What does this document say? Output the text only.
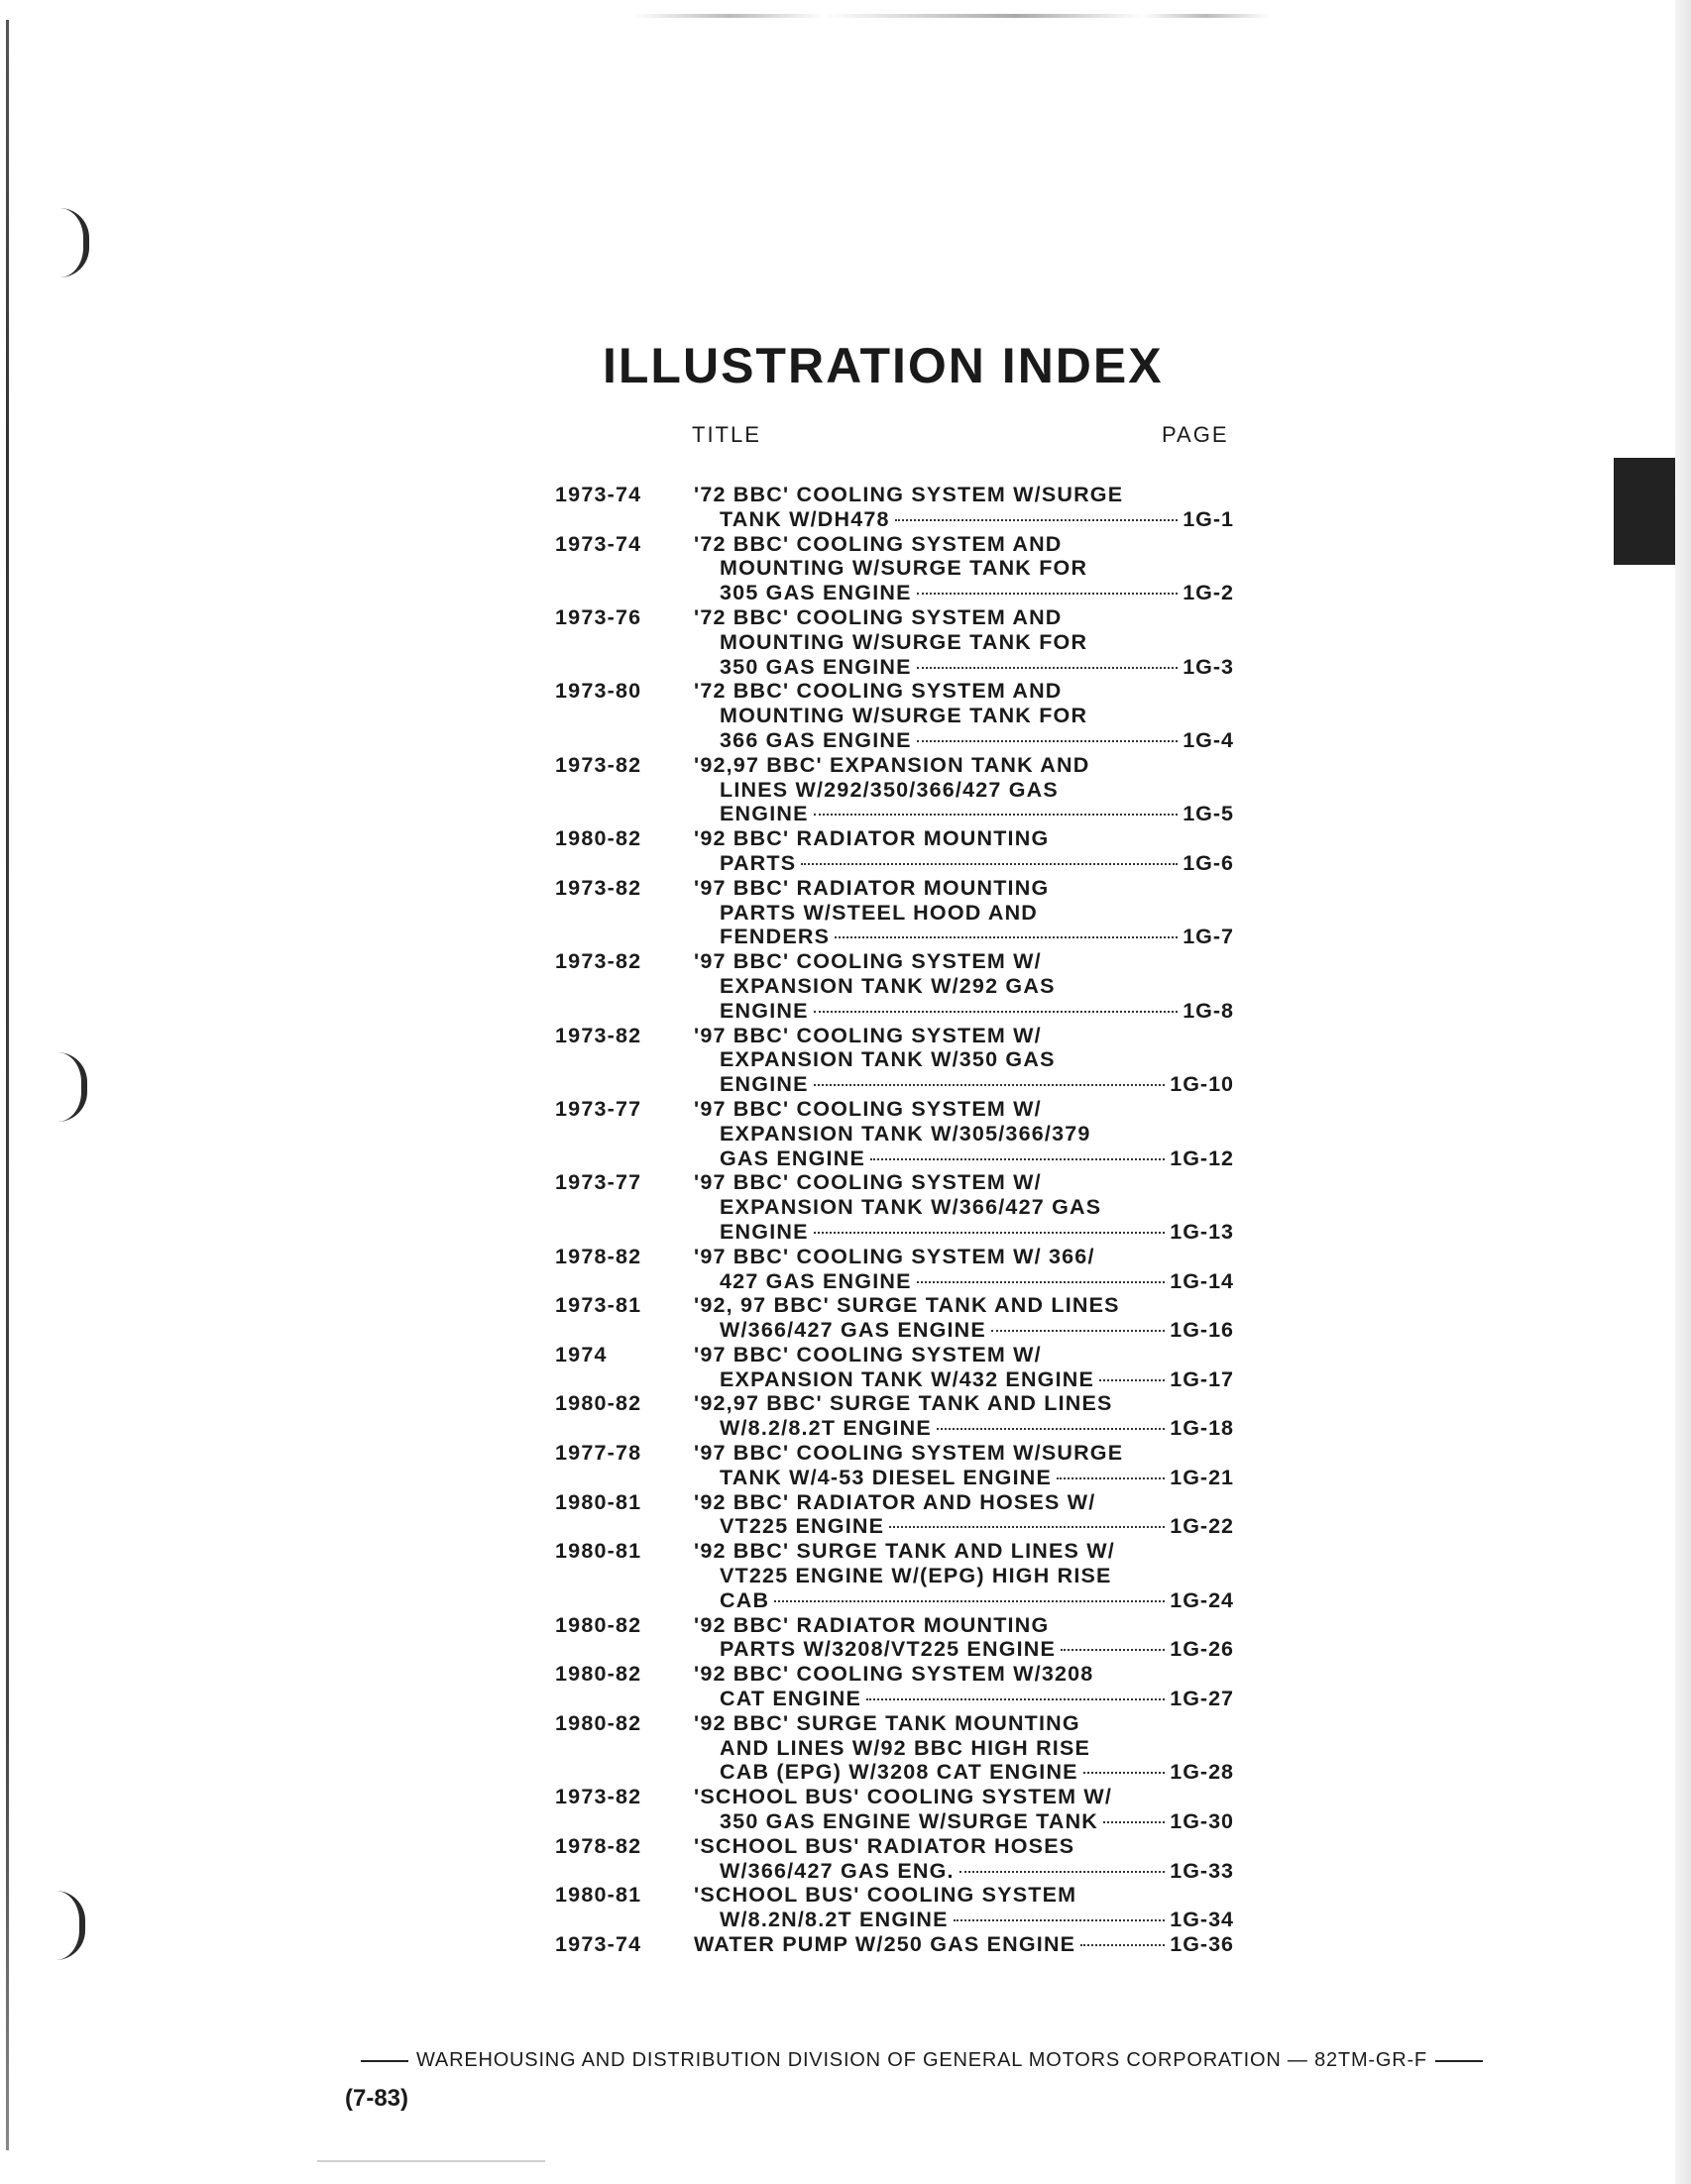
ILLUSTRATION INDEX
TITLE	PAGE
1973-74	'72 BBC' COOLING SYSTEM W/SURGE
TANK W/DH478	1G-1
1973-74	'72 BBC' COOLING SYSTEM AND
MOUNTING W/SURGE TANK FOR
305 GAS ENGINE	1G-2
1973-76	'72 BBC' COOLING SYSTEM AND
MOUNTING W/SURGE TANK FOR
350 GAS ENGINE	1G-3
1973-80	'72 BBC' COOLING SYSTEM AND
MOUNTING W/SURGE TANK FOR
366 GAS ENGINE	1G-4
1973-82	'92,97 BBC' EXPANSION TANK AND
LINES W/292/350/366/427 GAS
ENGINE	1G-5
1980-82	'92 BBC' RADIATOR MOUNTING
PARTS	1G-6
1973-82	'97 BBC' RADIATOR MOUNTING
PARTS W/STEEL HOOD AND
FENDERS	1G-7
1973-82	'97 BBC' COOLING SYSTEM W/
EXPANSION TANK W/292 GAS
ENGINE	1G-8
1973-82	'97 BBC' COOLING SYSTEM W/
EXPANSION TANK W/350 GAS
ENGINE	1G-10
1973-77	'97 BBC' COOLING SYSTEM W/
EXPANSION TANK W/305/366/379
GAS ENGINE	1G-12
1973-77	'97 BBC' COOLING SYSTEM W/
EXPANSION TANK W/366/427 GAS
ENGINE	1G-13
1978-82	'97 BBC' COOLING SYSTEM W/ 366/
427 GAS ENGINE	1G-14
1973-81	'92, 97 BBC' SURGE TANK AND LINES
W/366/427 GAS ENGINE	1G-16
1974	'97 BBC' COOLING SYSTEM W/
EXPANSION TANK W/432 ENGINE	1G-17
1980-82	'92,97 BBC' SURGE TANK AND LINES
W/8.2/8.2T ENGINE	1G-18
1977-78	'97 BBC' COOLING SYSTEM W/SURGE
TANK W/4-53 DIESEL ENGINE	1G-21
1980-81	'92 BBC' RADIATOR AND HOSES W/
VT225 ENGINE	1G-22
1980-81	'92 BBC' SURGE TANK AND LINES W/
VT225 ENGINE W/(EPG) HIGH RISE
CAB	1G-24
1980-82	'92 BBC' RADIATOR MOUNTING
PARTS W/3208/VT225 ENGINE	1G-26
1980-82	'92 BBC' COOLING SYSTEM W/3208
CAT ENGINE	1G-27
1980-82	'92 BBC' SURGE TANK MOUNTING
AND LINES W/92 BBC HIGH RISE
CAB (EPG) W/3208 CAT ENGINE	1G-28
1973-82	'SCHOOL BUS' COOLING SYSTEM W/
350 GAS ENGINE W/SURGE TANK	1G-30
1978-82	'SCHOOL BUS' RADIATOR HOSES
W/366/427 GAS ENG.	1G-33
1980-81	'SCHOOL BUS' COOLING SYSTEM
W/8.2N/8.2T ENGINE	1G-34
1973-74	WATER PUMP W/250 GAS ENGINE	1G-36
WAREHOUSING AND DISTRIBUTION DIVISION OF GENERAL MOTORS CORPORATION — 82TM-GR-F
(7-83)
